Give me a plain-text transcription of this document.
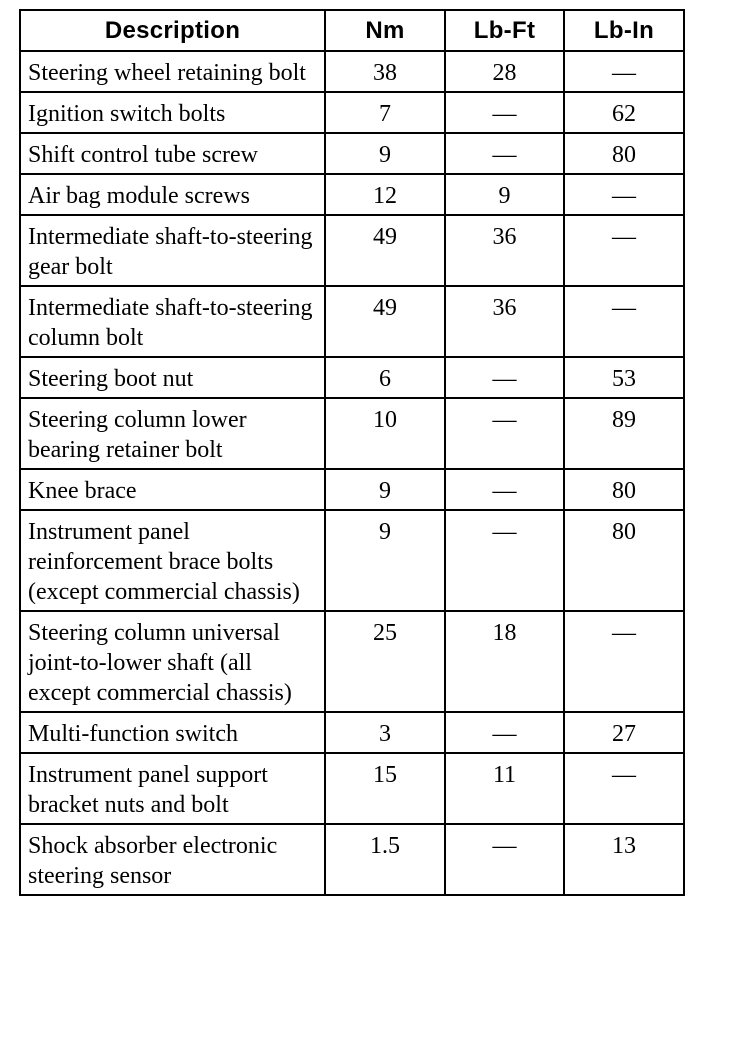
Description	Nm	Lb-Ft	Lb-In
Steering wheel retaining bolt	38	28	—
Ignition switch bolts	7	—	62
Shift control tube screw	9	—	80
Air bag module screws	12	9	—
Intermediate shaft-to-steering gear bolt	49	36	—
Intermediate shaft-to-steering column bolt	49	36	—
Steering boot nut	6	—	53
Steering column lower bearing retainer bolt	10	—	89
Knee brace	9	—	80
Instrument panel reinforcement brace bolts (except commercial chassis)	9	—	80
Steering column universal joint-to-lower shaft (all except commercial chassis)	25	18	—
Multi-function switch	3	—	27
Instrument panel support bracket nuts and bolt	15	11	—
Shock absorber electronic steering sensor	1.5	—	13
